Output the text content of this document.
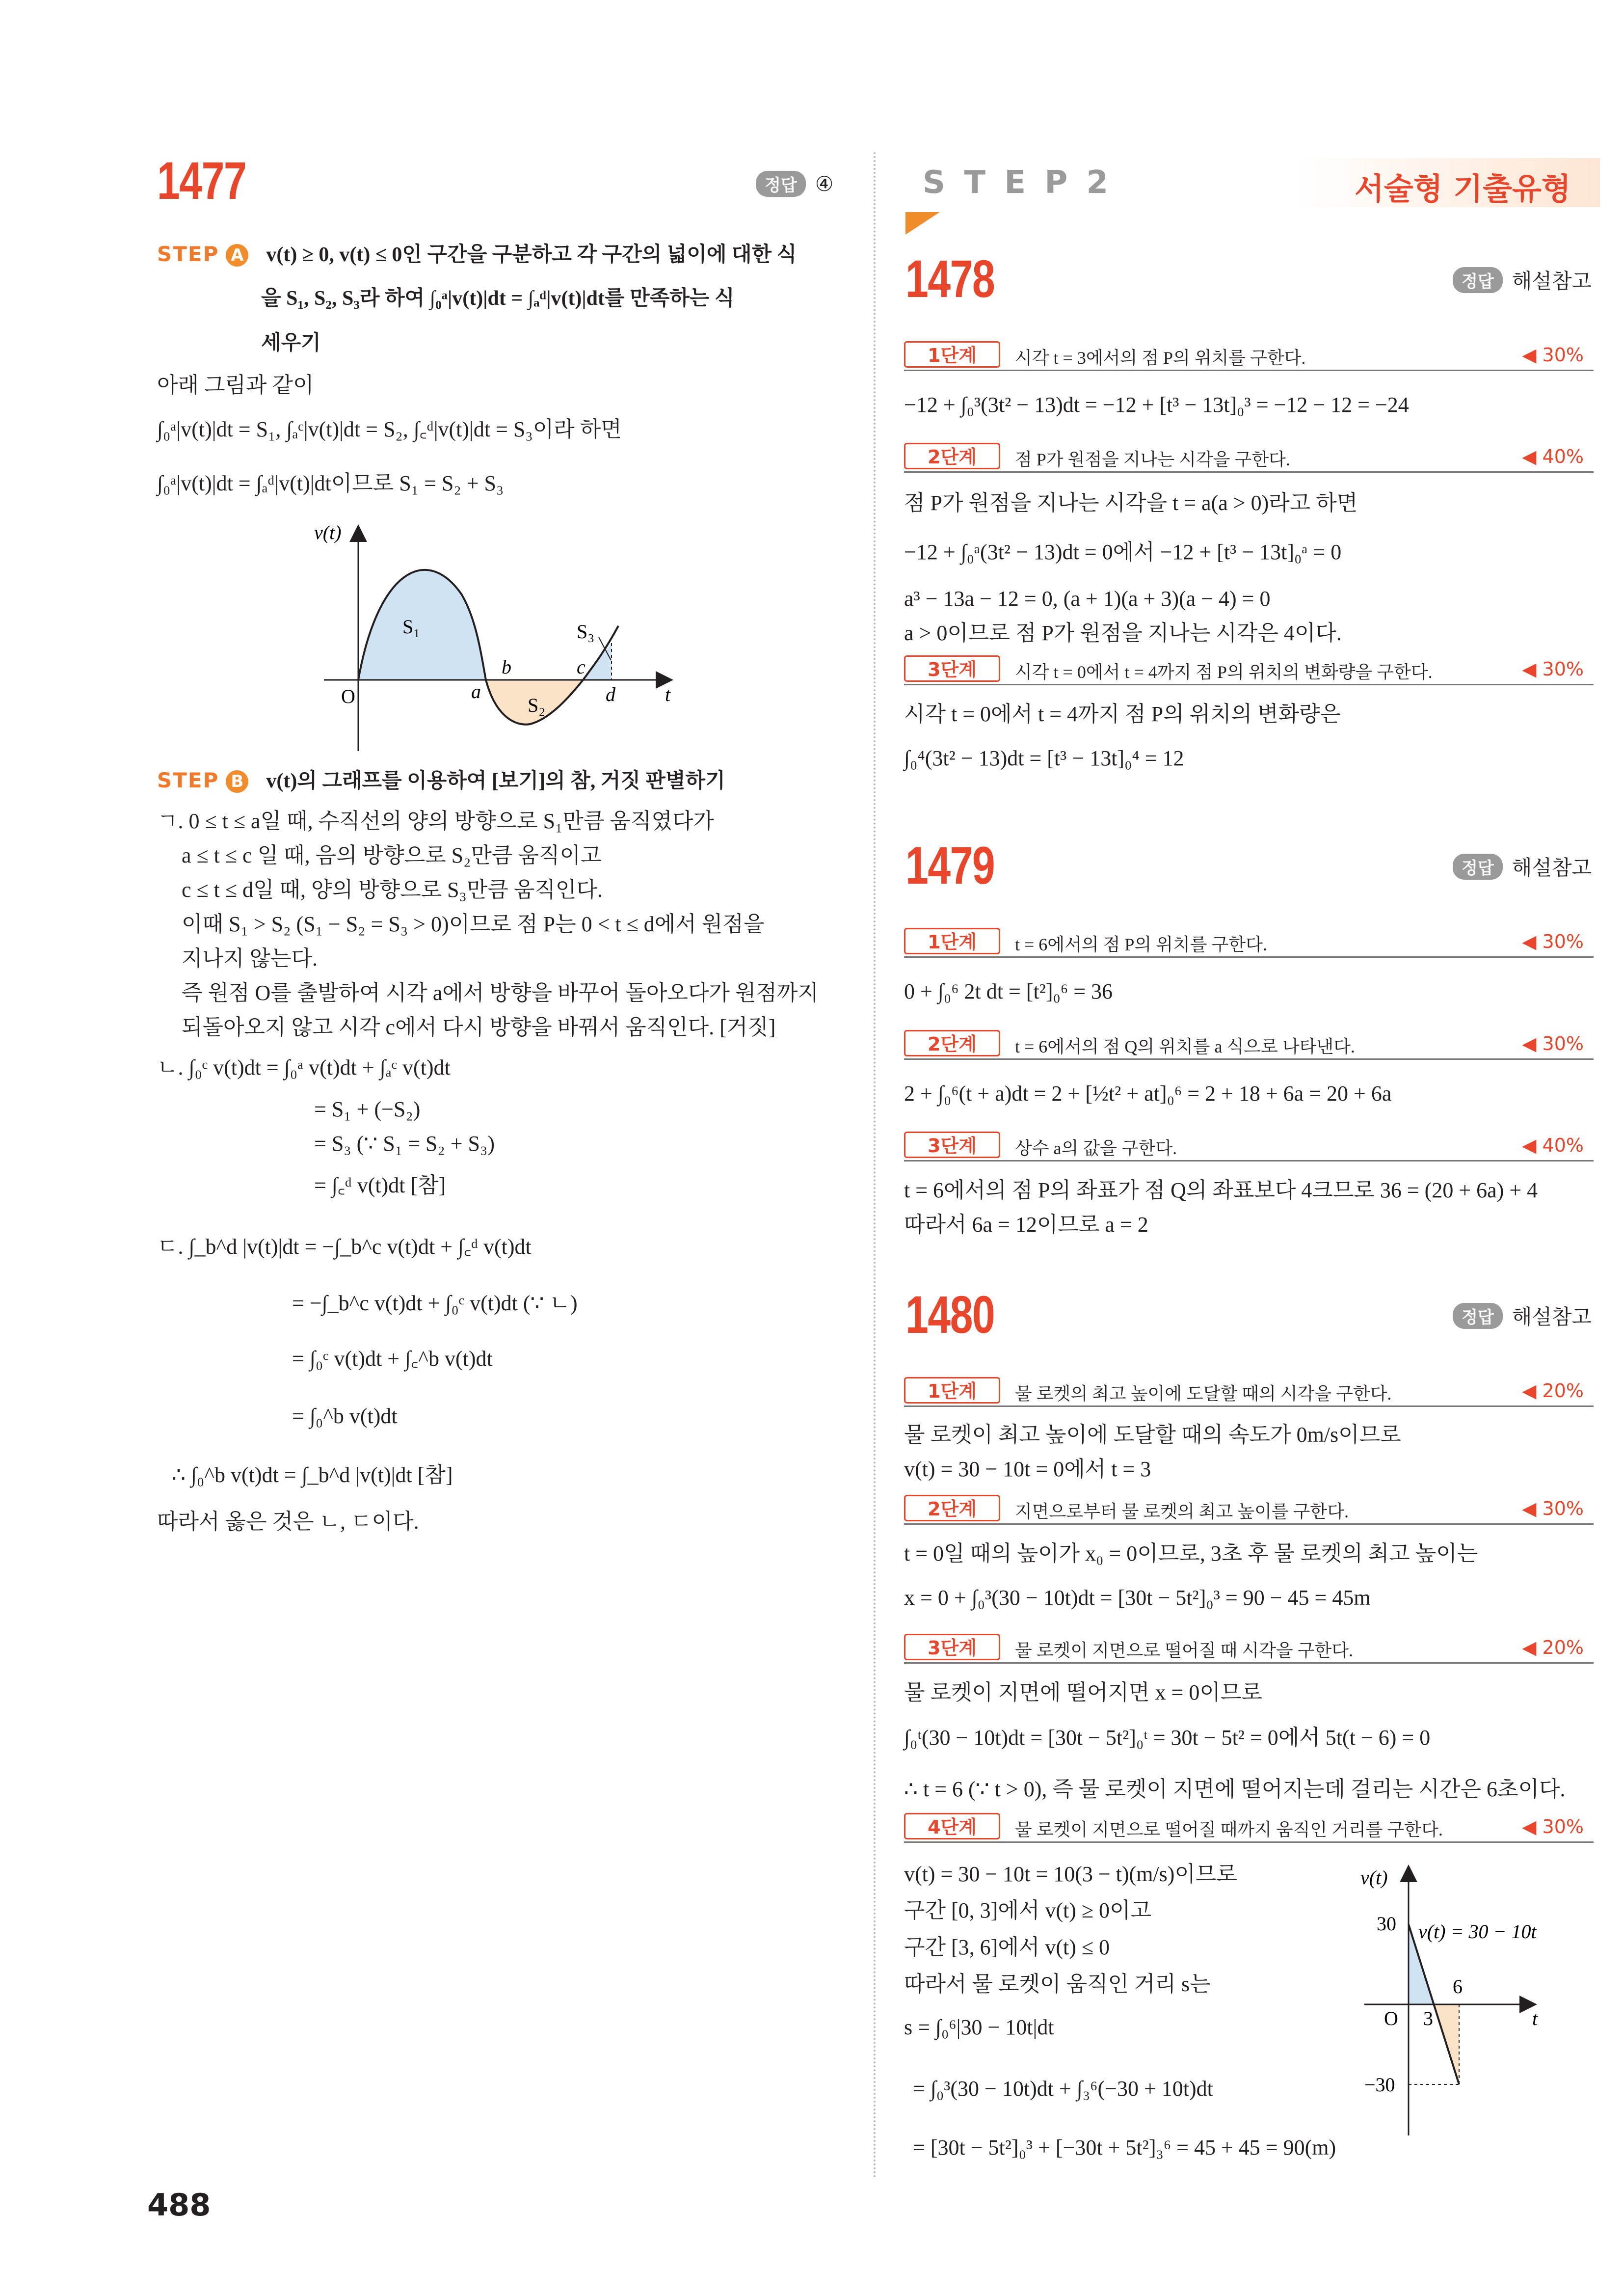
1477	정답 ④
STEP A v(t) ≥ 0, v(t) ≤ 0인 구간을 구분하고 각 구간의 넓이에 대한 식
을 S₁, S₂, S₃라 하여 ∫₀ᵃ|v(t)|dt = ∫ₐᵈ|v(t)|dt를 만족하는 식
세우기
아래 그림과 같이
∫₀ᵃ|v(t)|dt = S₁, ∫ₐᶜ|v(t)|dt = S₂, ∫꜀ᵈ|v(t)|dt = S₃이라 하면
∫₀ᵃ|v(t)|dt = ∫ₐᵈ|v(t)|dt이므로 S₁ = S₂ + S₃
v(t)
S₁
S₂
S₃
O	a
b	c
d	t
STEP B v(t)의 그래프를 이용하여 [보기]의 참, 거짓 판별하기
ㄱ. 0 ≤ t ≤ a일 때, 수직선의 양의 방향으로 S₁만큼 움직였다가
a ≤ t ≤ c 일 때, 음의 방향으로 S₂만큼 움직이고
c ≤ t ≤ d일 때, 양의 방향으로 S₃만큼 움직인다.
이때 S₁ > S₂ (S₁ − S₂ = S₃ > 0)이므로 점 P는 0 < t ≤ d에서 원점을
지나지 않는다.
즉 원점 O를 출발하여 시각 a에서 방향을 바꾸어 돌아오다가 원점까지
되돌아오지 않고 시각 c에서 다시 방향을 바꿔서 움직인다. [거짓]
ㄴ. ∫₀ᶜ v(t)dt = ∫₀ᵃ v(t)dt + ∫ₐᶜ v(t)dt
= S₁ + (−S₂)
= S₃ (∵ S₁ = S₂ + S₃)
= ∫꜀ᵈ v(t)dt [참]
ㄷ. ∫_b^d |v(t)|dt = −∫_b^c v(t)dt + ∫꜀ᵈ v(t)dt
= −∫_b^c v(t)dt + ∫₀ᶜ v(t)dt (∵ ㄴ)
= ∫₀ᶜ v(t)dt + ∫꜀^b v(t)dt
= ∫₀^b v(t)dt
∴ ∫₀^b v(t)dt = ∫_b^d |v(t)|dt [참]
따라서 옳은 것은 ㄴ, ㄷ이다.
S T E P 2	서술형 기출유형
1478	정답 해설참고
1단계	시각 t = 3에서의 점 P의 위치를 구한다.	◀ 30%
−12 + ∫₀³(3t² − 13)dt = −12 + [t³ − 13t]₀³ = −12 − 12 = −24
2단계	점 P가 원점을 지나는 시각을 구한다.	◀ 40%
점 P가 원점을 지나는 시각을 t = a(a > 0)라고 하면
−12 + ∫₀ᵃ(3t² − 13)dt = 0에서 −12 + [t³ − 13t]₀ᵃ = 0
a³ − 13a − 12 = 0, (a + 1)(a + 3)(a − 4) = 0
a > 0이므로 점 P가 원점을 지나는 시각은 4이다.
3단계	시각 t = 0에서 t = 4까지 점 P의 위치의 변화량을 구한다.	◀ 30%
시각 t = 0에서 t = 4까지 점 P의 위치의 변화량은
∫₀⁴(3t² − 13)dt = [t³ − 13t]₀⁴ = 12
1479	정답 해설참고
1단계	t = 6에서의 점 P의 위치를 구한다.	◀ 30%
0 + ∫₀⁶ 2t dt = [t²]₀⁶ = 36
2단계	t = 6에서의 점 Q의 위치를 a 식으로 나타낸다.	◀ 30%
2 + ∫₀⁶(t + a)dt = 2 + [½t² + at]₀⁶ = 2 + 18 + 6a = 20 + 6a
3단계	상수 a의 값을 구한다.	◀ 40%
t = 6에서의 점 P의 좌표가 점 Q의 좌표보다 4크므로 36 = (20 + 6a) + 4
따라서 6a = 12이므로 a = 2
1480	정답 해설참고
1단계	물 로켓의 최고 높이에 도달할 때의 시각을 구한다.	◀ 20%
물 로켓이 최고 높이에 도달할 때의 속도가 0m/s이므로
v(t) = 30 − 10t = 0에서 t = 3
2단계	지면으로부터 물 로켓의 최고 높이를 구한다.	◀ 30%
t = 0일 때의 높이가 x₀ = 0이므로, 3초 후 물 로켓의 최고 높이는
x = 0 + ∫₀³(30 − 10t)dt = [30t − 5t²]₀³ = 90 − 45 = 45m
3단계	물 로켓이 지면으로 떨어질 때 시각을 구한다.	◀ 20%
물 로켓이 지면에 떨어지면 x = 0이므로
∫₀ᵗ(30 − 10t)dt = [30t − 5t²]₀ᵗ = 30t − 5t² = 0에서 5t(t − 6) = 0
∴ t = 6 (∵ t > 0), 즉 물 로켓이 지면에 떨어지는데 걸리는 시간은 6초이다.
4단계	물 로켓이 지면으로 떨어질 때까지 움직인 거리를 구한다.	◀ 30%
v(t) = 30 − 10t = 10(3 − t)(m/s)이므로
구간 [0, 3]에서 v(t) ≥ 0이고
구간 [3, 6]에서 v(t) ≤ 0
따라서 물 로켓이 움직인 거리 s는
s = ∫₀⁶|30 − 10t|dt
= ∫₀³(30 − 10t)dt + ∫₃⁶(−30 + 10t)dt
= [30t − 5t²]₀³ + [−30t + 5t²]₃⁶ = 45 + 45 = 90(m)
v(t)
30 v(t) = 30 − 10t
6
O 3	t
−30
488
